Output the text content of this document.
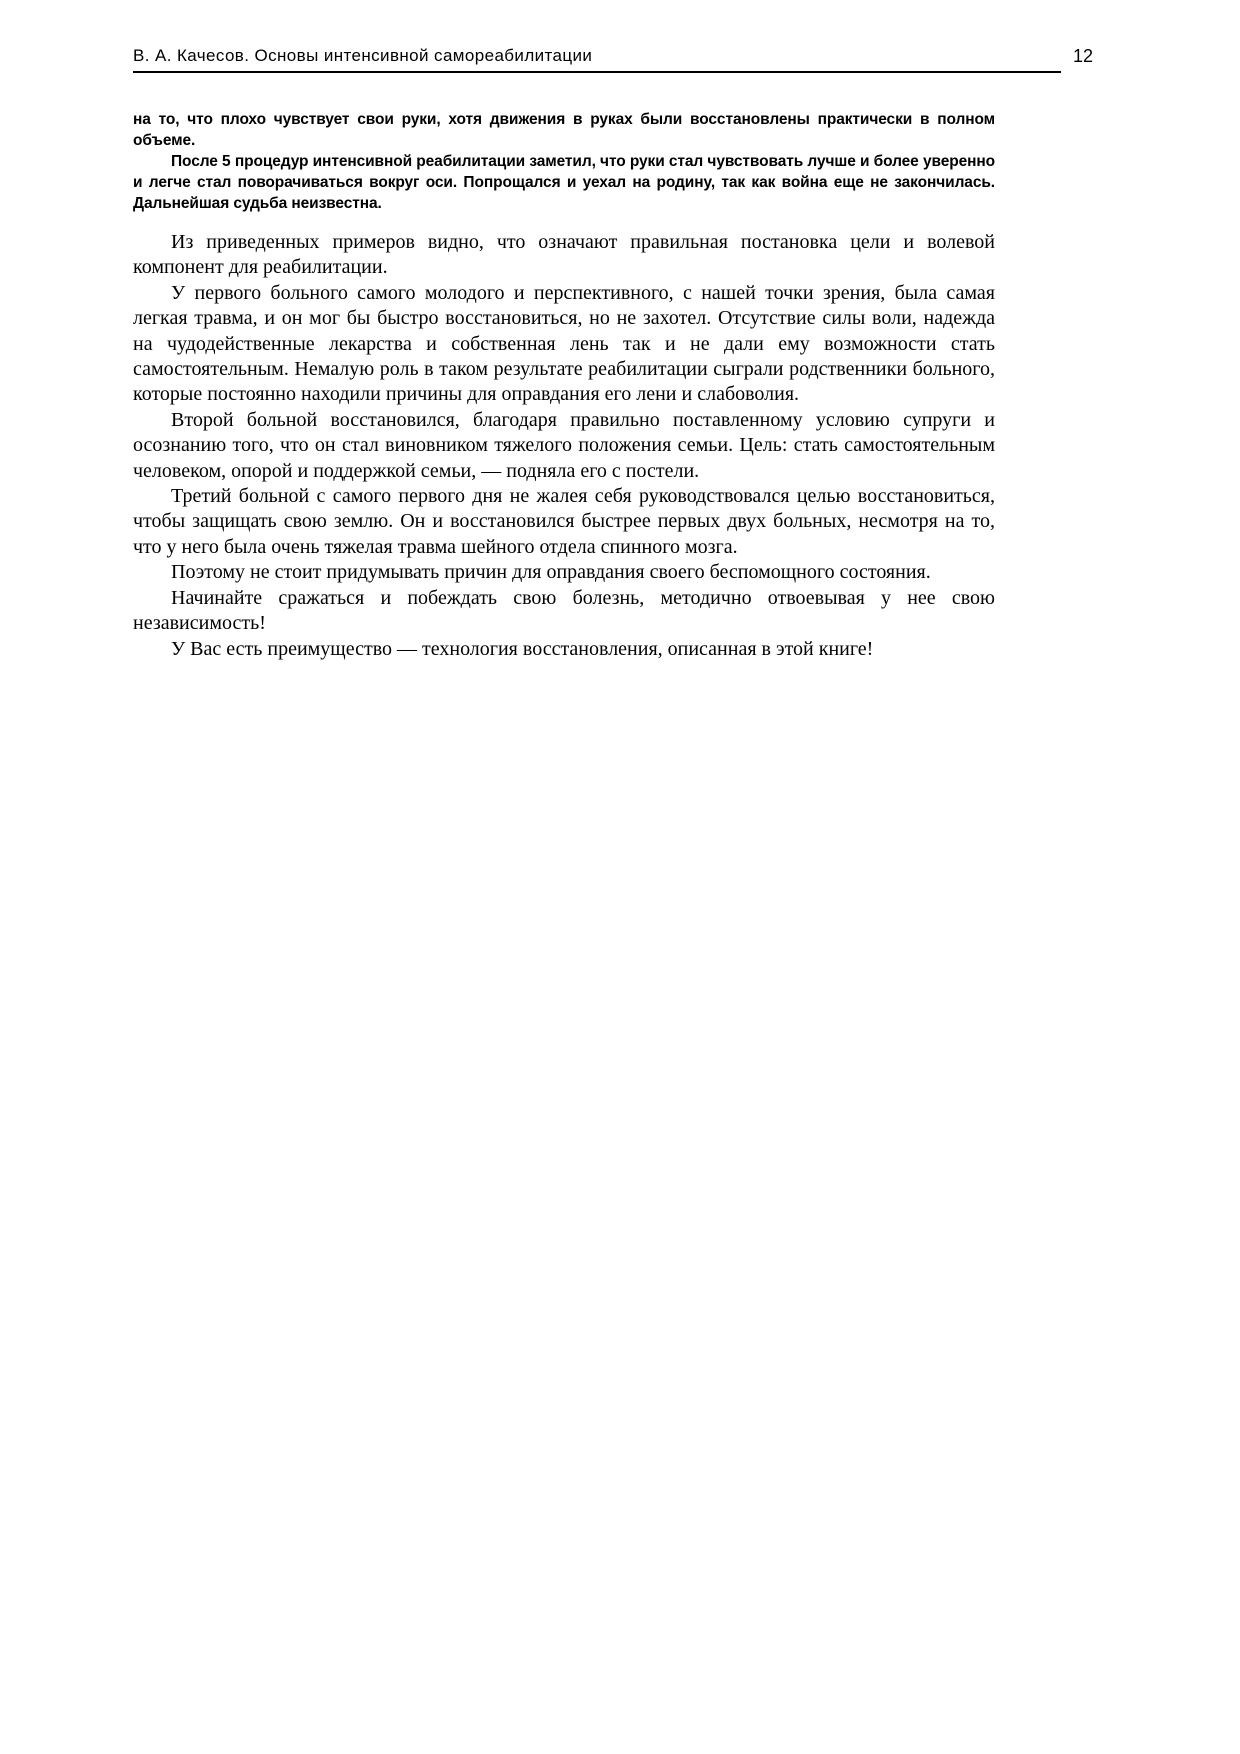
В. А. Качесов. Основы интенсивной самореабилитации	12

на то, что плохо чувствует свои руки, хотя движения в руках были восстановлены практически в полном объеме.

После 5 процедур интенсивной реабилитации заметил, что руки стал чувствовать лучше и более уверенно и легче стал поворачиваться вокруг оси. Попрощался и уехал на родину, так как война еще не закончилась. Дальнейшая судьба неизвестна.

Из приведенных примеров видно, что означают правильная постановка цели и волевой компонент для реабилитации.

У первого больного самого молодого и перспективного, с нашей точки зрения, была самая легкая травма, и он мог бы быстро восстановиться, но не захотел. Отсутствие силы воли, надежда на чудодейственные лекарства и собственная лень так и не дали ему возможности стать самостоятельным. Немалую роль в таком результате реабилитации сыграли родственники больного, которые постоянно находили причины для оправдания его лени и слабоволия.

Второй больной восстановился, благодаря правильно поставленному условию супруги и осознанию того, что он стал виновником тяжелого положения семьи. Цель: стать самостоятельным человеком, опорой и поддержкой семьи, — подняла его с постели.

Третий больной с самого первого дня не жалея себя руководствовался целью восстановиться, чтобы защищать свою землю. Он и восстановился быстрее первых двух больных, несмотря на то, что у него была очень тяжелая травма шейного отдела спинного мозга.

Поэтому не стоит придумывать причин для оправдания своего беспомощного состояния.

Начинайте сражаться и побеждать свою болезнь, методично отвоевывая у нее свою независимость!

У Вас есть преимущество — технология восстановления, описанная в этой книге!
